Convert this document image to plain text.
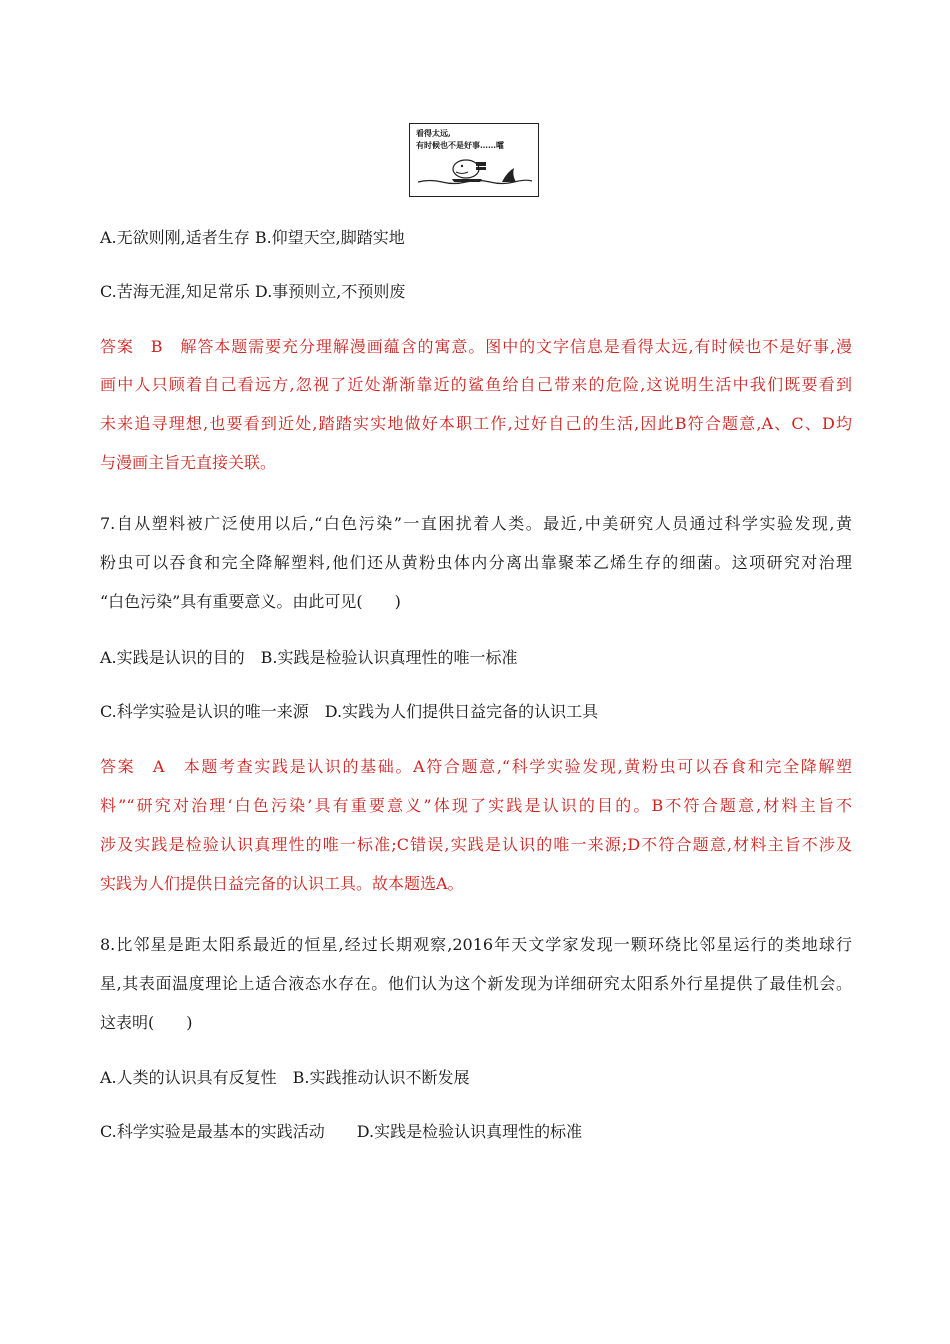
看得太远,
有时候也不是好事……嚯
A.无欲则刚,适者生存 B.仰望天空,脚踏实地
C.苦海无涯,知足常乐 D.事预则立,不预则废
答案　B　解答本题需要充分理解漫画蕴含的寓意。图中的文字信息是看得太远,有时候也不是好事,漫
画中人只顾着自己看远方,忽视了近处渐渐靠近的鲨鱼给自己带来的危险,这说明生活中我们既要看到
未来追寻理想,也要看到近处,踏踏实实地做好本职工作,过好自己的生活,因此B符合题意,A、C、D均
与漫画主旨无直接关联。
7.自从塑料被广泛使用以后,“白色污染”一直困扰着人类。最近,中美研究人员通过科学实验发现,黄
粉虫可以吞食和完全降解塑料,他们还从黄粉虫体内分离出靠聚苯乙烯生存的细菌。这项研究对治理
“白色污染”具有重要意义。由此可见(　　)
A.实践是认识的目的　B.实践是检验认识真理性的唯一标准
C.科学实验是认识的唯一来源　D.实践为人们提供日益完备的认识工具
答案　A　本题考查实践是认识的基础。A符合题意,“科学实验发现,黄粉虫可以吞食和完全降解塑
料”“研究对治理‘白色污染’具有重要意义”体现了实践是认识的目的。B不符合题意,材料主旨不
涉及实践是检验认识真理性的唯一标准;C错误,实践是认识的唯一来源;D不符合题意,材料主旨不涉及
实践为人们提供日益完备的认识工具。故本题选A。
8.比邻星是距太阳系最近的恒星,经过长期观察,2016年天文学家发现一颗环绕比邻星运行的类地球行
星,其表面温度理论上适合液态水存在。他们认为这个新发现为详细研究太阳系外行星提供了最佳机会。
这表明(　　)
A.人类的认识具有反复性　B.实践推动认识不断发展
C.科学实验是最基本的实践活动　　D.实践是检验认识真理性的标准
